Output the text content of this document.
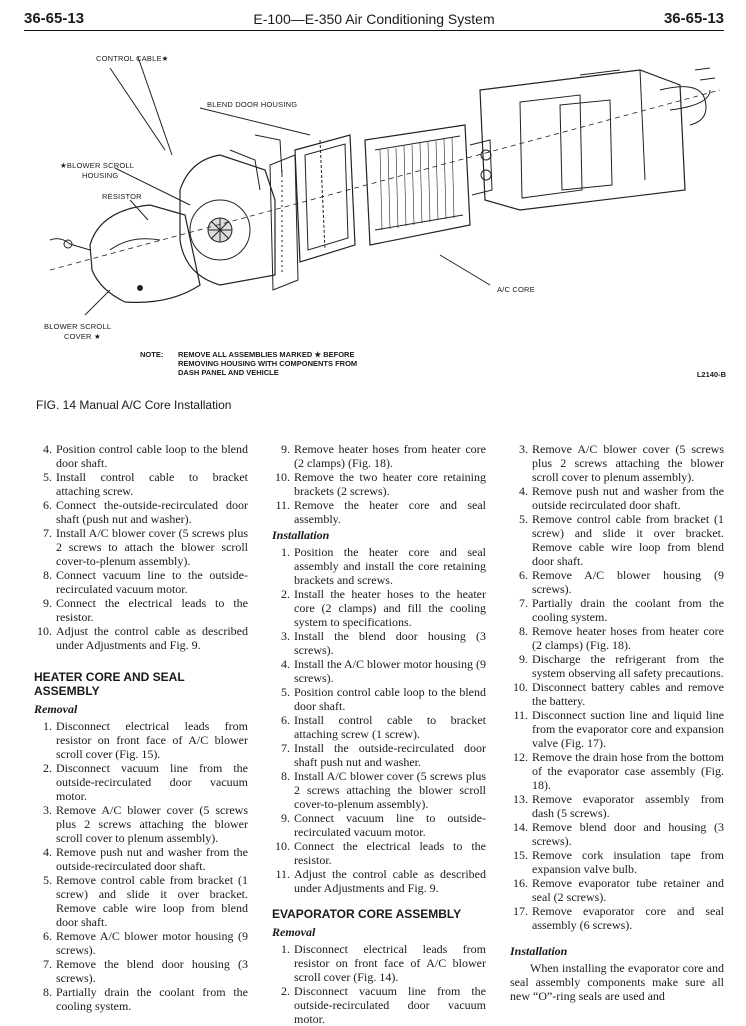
36-65-13	E-100—E-350 Air Conditioning System	36-65-13
CONTROL CABLE★
BLEND DOOR HOUSING
★BLOWER SCROLL
HOUSING
RESISTOR
A/C CORE
BLOWER SCROLL
COVER ★
NOTE: REMOVE ALL ASSEMBLIES MARKED ★ BEFORE
REMOVING HOUSING WITH COMPONENTS FROM
DASH PANEL AND VEHICLE	L2140-B
FIG. 14 Manual A/C Core Installation
4. Position control cable loop to the blend door shaft.
5. Install control cable to bracket attaching screw.
6. Connect the-outside-recirculated door shaft (push nut and washer).
7. Install A/C blower cover (5 screws plus 2 screws to attach the blower scroll cover-to-plenum assembly).
8. Connect vacuum line to the outside-recirculated vacuum motor.
9. Connect the electrical leads to the resistor.
10. Adjust the control cable as described under Adjustments and Fig. 9.
HEATER CORE AND SEAL ASSEMBLY
Removal
1. Disconnect electrical leads from resistor on front face of A/C blower scroll cover (Fig. 15).
2. Disconnect vacuum line from the outside-recirculated door vacuum motor.
3. Remove A/C blower cover (5 screws plus 2 screws attaching the blower scroll cover to plenum assembly).
4. Remove push nut and washer from the outside-recirculated door shaft.
5. Remove control cable from bracket (1 screw) and slide it over bracket. Remove cable wire loop from blend door shaft.
6. Remove A/C blower motor housing (9 screws).
7. Remove the blend door housing (3 screws).
8. Partially drain the coolant from the cooling system.
9. Remove heater hoses from heater core (2 clamps) (Fig. 18).
10. Remove the two heater core retaining brackets (2 screws).
11. Remove the heater core and seal assembly.
Installation
1. Position the heater core and seal assembly and install the core retaining brackets and screws.
2. Install the heater hoses to the heater core (2 clamps) and fill the cooling system to specifications.
3. Install the blend door housing (3 screws).
4. Install the A/C blower motor housing (9 screws).
5. Position control cable loop to the blend door shaft.
6. Install control cable to bracket attaching screw (1 screw).
7. Install the outside-recirculated door shaft push nut and washer.
8. Install A/C blower cover (5 screws plus 2 screws attaching the blower scroll cover-to-plenum assembly).
9. Connect vacuum line to outside-recirculated vacuum motor.
10. Connect the electrical leads to the resistor.
11. Adjust the control cable as described under Adjustments and Fig. 9.
EVAPORATOR CORE ASSEMBLY
Removal
1. Disconnect electrical leads from resistor on front face of A/C blower scroll cover (Fig. 14).
2. Disconnect vacuum line from the outside-recirculated door vacuum motor.
3. Remove A/C blower cover (5 screws plus 2 screws attaching the blower scroll cover to plenum assembly).
4. Remove push nut and washer from the outside recirculated door shaft.
5. Remove control cable from bracket (1 screw) and slide it over bracket. Remove cable wire loop from blend door shaft.
6. Remove A/C blower housing (9 screws).
7. Partially drain the coolant from the cooling system.
8. Remove heater hoses from heater core (2 clamps) (Fig. 18).
9. Discharge the refrigerant from the system observing all safety precautions.
10. Disconnect battery cables and remove the battery.
11. Disconnect suction line and liquid line from the evaporator core and expansion valve (Fig. 17).
12. Remove the drain hose from the bottom of the evaporator case assembly (Fig. 18).
13. Remove evaporator assembly from dash (5 screws).
14. Remove blend door and housing (3 screws).
15. Remove cork insulation tape from expansion valve bulb.
16. Remove evaporator tube retainer and seal (2 screws).
17. Remove evaporator core and seal assembly (6 screws).
Installation
When installing the evaporator core and seal assembly components make sure all new “O”-ring seals are used and
